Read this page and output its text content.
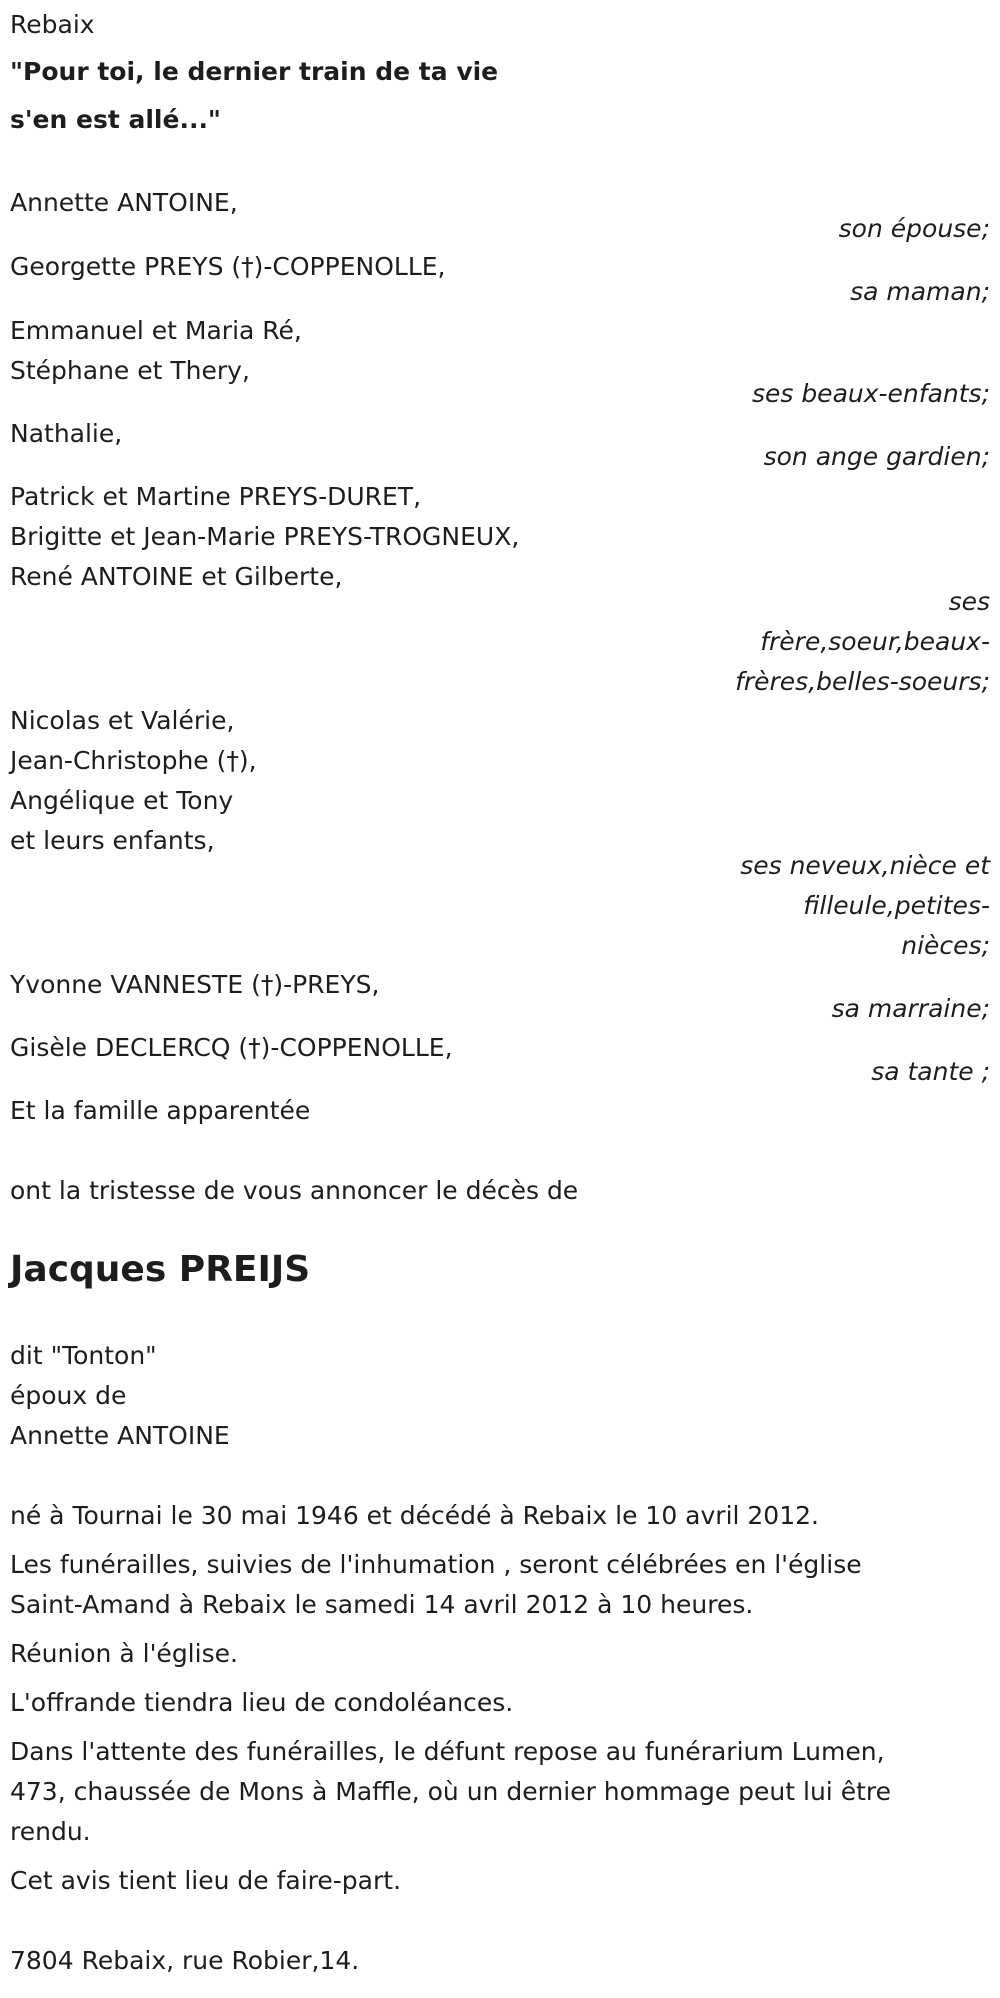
Rebaix
"Pour toi, le dernier train de ta vie
s'en est allé..."
Annette ANTOINE,
son épouse;
Georgette PREYS (†)-COPPENOLLE,
sa maman;
Emmanuel et Maria Ré,
Stéphane et Thery,
ses beaux-enfants;
Nathalie,
son ange gardien;
Patrick et Martine PREYS-DURET,
Brigitte et Jean-Marie PREYS-TROGNEUX,
René ANTOINE et Gilberte,
ses
frère,soeur,beaux-
frères,belles-soeurs;
Nicolas et Valérie,
Jean-Christophe (†),
Angélique et Tony
et leurs enfants,
ses neveux,nièce et
filleule,petites-
nièces;
Yvonne VANNESTE (†)-PREYS,
sa marraine;
Gisèle DECLERCQ (†)-COPPENOLLE,
sa tante ;
Et la famille apparentée
ont la tristesse de vous annoncer le décès de
Jacques PREIJS
dit "Tonton"
époux de
Annette ANTOINE
né à Tournai le 30 mai 1946 et décédé à Rebaix le 10 avril 2012.
Les funérailles, suivies de l'inhumation , seront célébrées en l'église
Saint-Amand à Rebaix le samedi 14 avril 2012 à 10 heures.
Réunion à l'église.
L'offrande tiendra lieu de condoléances.
Dans l'attente des funérailles, le défunt repose au funérarium Lumen,
473, chaussée de Mons à Maffle, où un dernier hommage peut lui être
rendu.
Cet avis tient lieu de faire-part.
7804 Rebaix, rue Robier,14.
